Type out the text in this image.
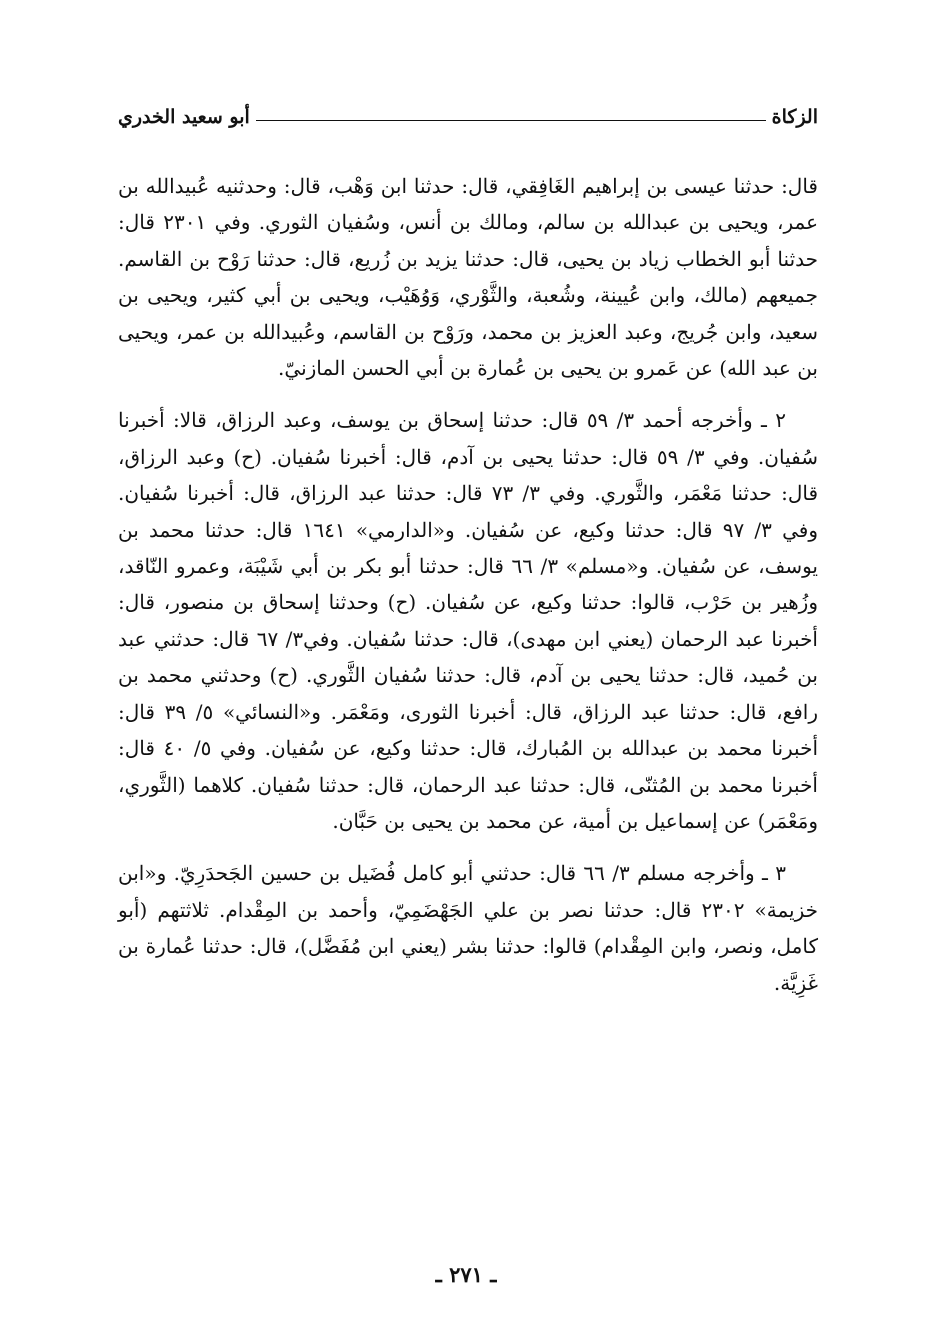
الزكاة
أبو سعيد الخدري

قال: حدثنا عيسى بن إبراهيم الغَافِقي، قال: حدثنا ابن وَهْب، قال: وحدثنيه عُبيدالله بن عمر، ويحيى بن عبدالله بن سالم، ومالك بن أنس، وسُفيان الثوري. وفي ٢٣٠١ قال: حدثنا أبو الخطاب زياد بن يحيى، قال: حدثنا يزيد بن زُريع، قال: حدثنا رَوْح بن القاسم. جميعهم (مالك، وابن عُيينة، وشُعبة، والثَّوْري، وَوُهَيْب، ويحيى بن أبي كثير، ويحيى بن سعيد، وابن جُريج، وعبد العزيز بن محمد، ورَوْح بن القاسم، وعُبيدالله بن عمر، ويحيى بن عبد الله) عن عَمرو بن يحيى بن عُمارة بن أبي الحسن المازنيّ.

٢ ـ وأخرجه أحمد ٣/ ٥٩ قال: حدثنا إسحاق بن يوسف، وعبد الرزاق، قالا: أخبرنا سُفيان. وفي ٣/ ٥٩ قال: حدثنا يحيى بن آدم، قال: أخبرنا سُفيان. (ح) وعبد الرزاق، قال: حدثنا مَعْمَر، والثَّوري. وفي ٣/ ٧٣ قال: حدثنا عبد الرزاق، قال: أخبرنا سُفيان. وفي ٣/ ٩٧ قال: حدثنا وكيع، عن سُفيان. و«الدارمي» ١٦٤١ قال: حدثنا محمد بن يوسف، عن سُفيان. و«مسلم» ٣/ ٦٦ قال: حدثنا أبو بكر بن أبي شَيْبَة، وعمرو النّاقد، وزُهير بن حَرْب، قالوا: حدثنا وكيع، عن سُفيان. (ح) وحدثنا إسحاق بن منصور، قال: أخبرنا عبد الرحمان (يعني ابن مهدى)، قال: حدثنا سُفيان. وفي٣/ ٦٧ قال: حدثني عبد بن حُميد، قال: حدثنا يحيى بن آدم، قال: حدثنا سُفيان الثَّوري. (ح) وحدثني محمد بن رافع، قال: حدثنا عبد الرزاق، قال: أخبرنا الثورى، ومَعْمَر. و«النسائي» ٥/ ٣٩ قال: أخبرنا محمد بن عبدالله بن المُبارك، قال: حدثنا وكيع، عن سُفيان. وفي ٥/ ٤٠ قال: أخبرنا محمد بن المُثنّى، قال: حدثنا عبد الرحمان، قال: حدثنا سُفيان. كلاهما (الثَّوري، ومَعْمَر) عن إسماعيل بن أمية، عن محمد بن يحيى بن حَبَّان.

٣ ـ وأخرجه مسلم ٣/ ٦٦ قال: حدثني أبو كامل فُضَيل بن حسين الجَحدَرِيّ. و«ابن خزيمة» ٢٣٠٢ قال: حدثنا نصر بن علي الجَهْضَمِيّ، وأحمد بن المِقْدام. ثلاثتهم (أبو كامل، ونصر، وابن المِقْدام) قالوا: حدثنا بشر (يعني ابن مُفَضَّل)، قال: حدثنا عُمارة بن غَزِيَّة.

ـ ٢٧١ ـ
